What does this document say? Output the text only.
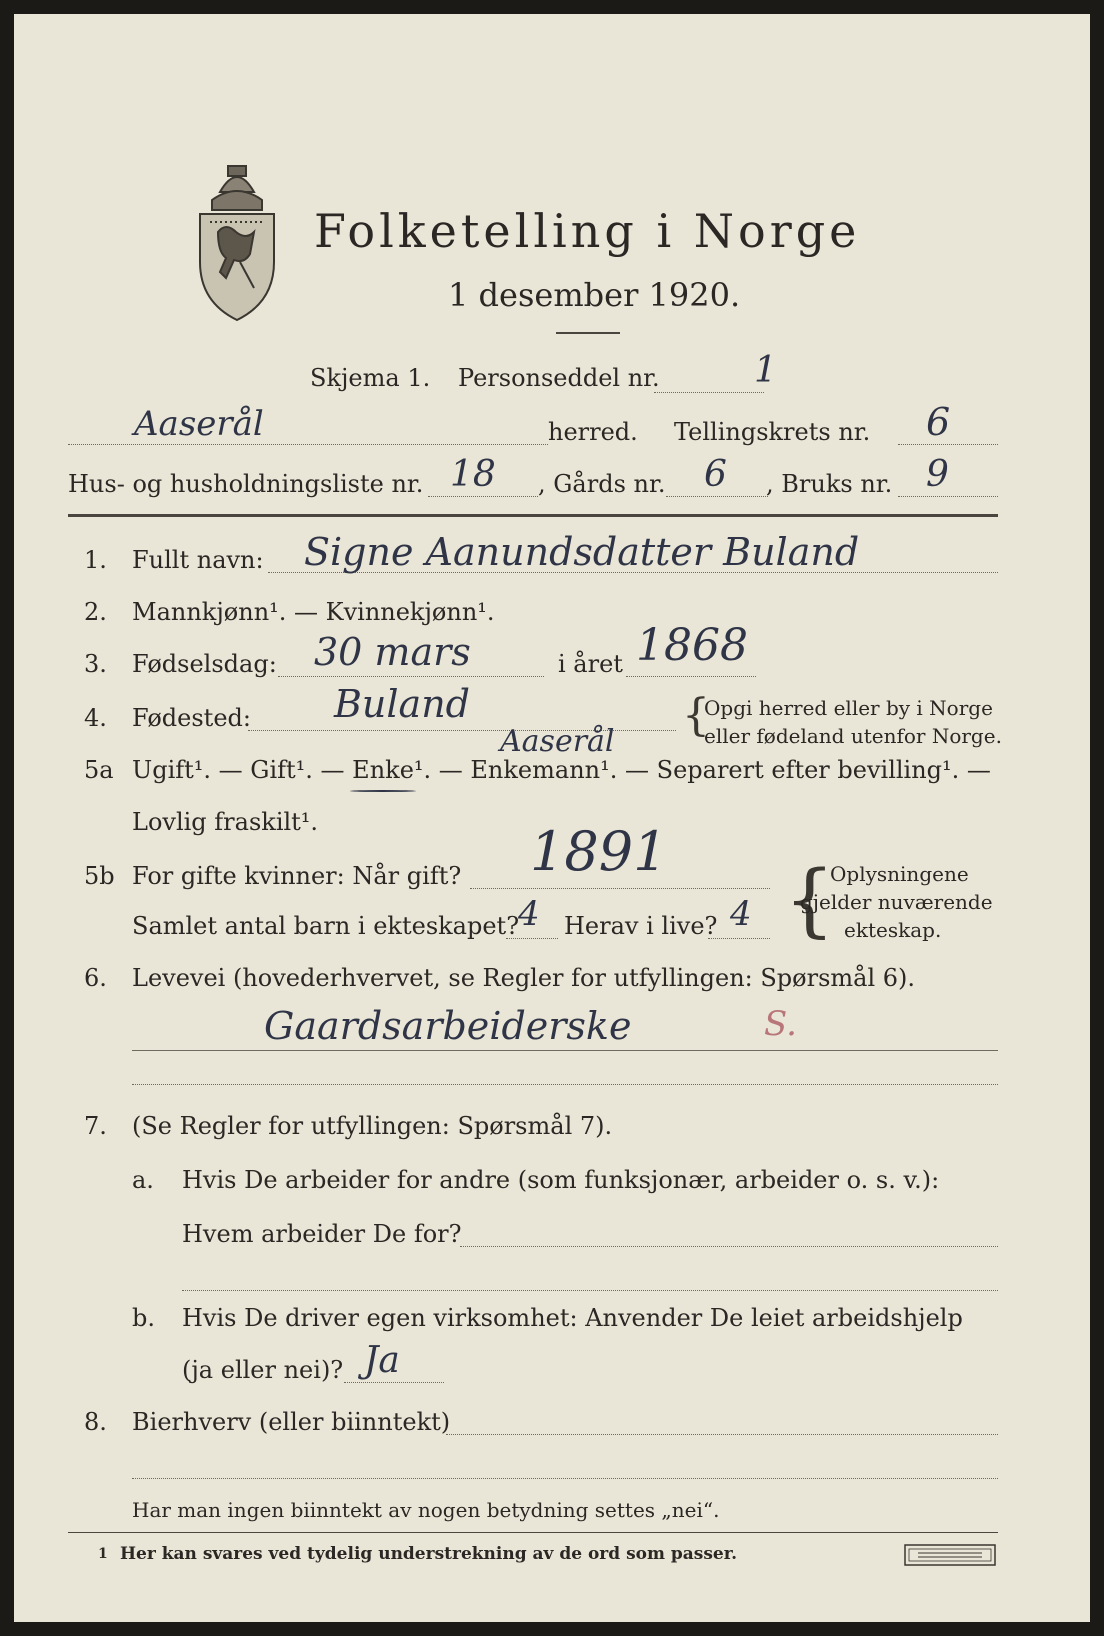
Folketelling i Norge
1 desember 1920.
Skjema 1. Personseddel nr.	1
Aaserål	herred. Tellingskrets nr. 6
Hus- og husholdningsliste nr. 18 , Gårds nr. 6 , Bruks nr. 9
1. Fullt navn: Signe Aanundsdatter Buland
2. Mannkjønn¹. — Kvinnekjønn¹.
3. Fødselsdag: 30 mars	i året 1868
4. Fødested: Buland
Aaserål
{
Opgi herred eller by i Norge
eller fødeland utenfor Norge.
5a Ugift¹. — Gift¹. — Enke¹. — Enkemann¹. — Separert efter bevilling¹. —
Lovlig fraskilt¹.
5b For gifte kvinner: Når gift? 1891
Samlet antal barn i ekteskapet?
4 Herav i live? 4 {
Oplysningene
gjelder nuværende
ekteskap.
6. Levevei (hovederhvervet, se Regler for utfyllingen: Spørsmål 6).
Gaardsarbeiderske	S.
7. (Se Regler for utfyllingen: Spørsmål 7).
a. Hvis De arbeider for andre (som funksjonær, arbeider o. s. v.):
Hvem arbeider De for?
b. Hvis De driver egen virksomhet: Anvender De leiet arbeidshjelp
(ja eller nei)? Ja
8. Bierhverv (eller biinntekt)
Har man ingen biinntekt av nogen betydning settes „nei“.
1 Her kan svares ved tydelig understrekning av de ord som passer.
